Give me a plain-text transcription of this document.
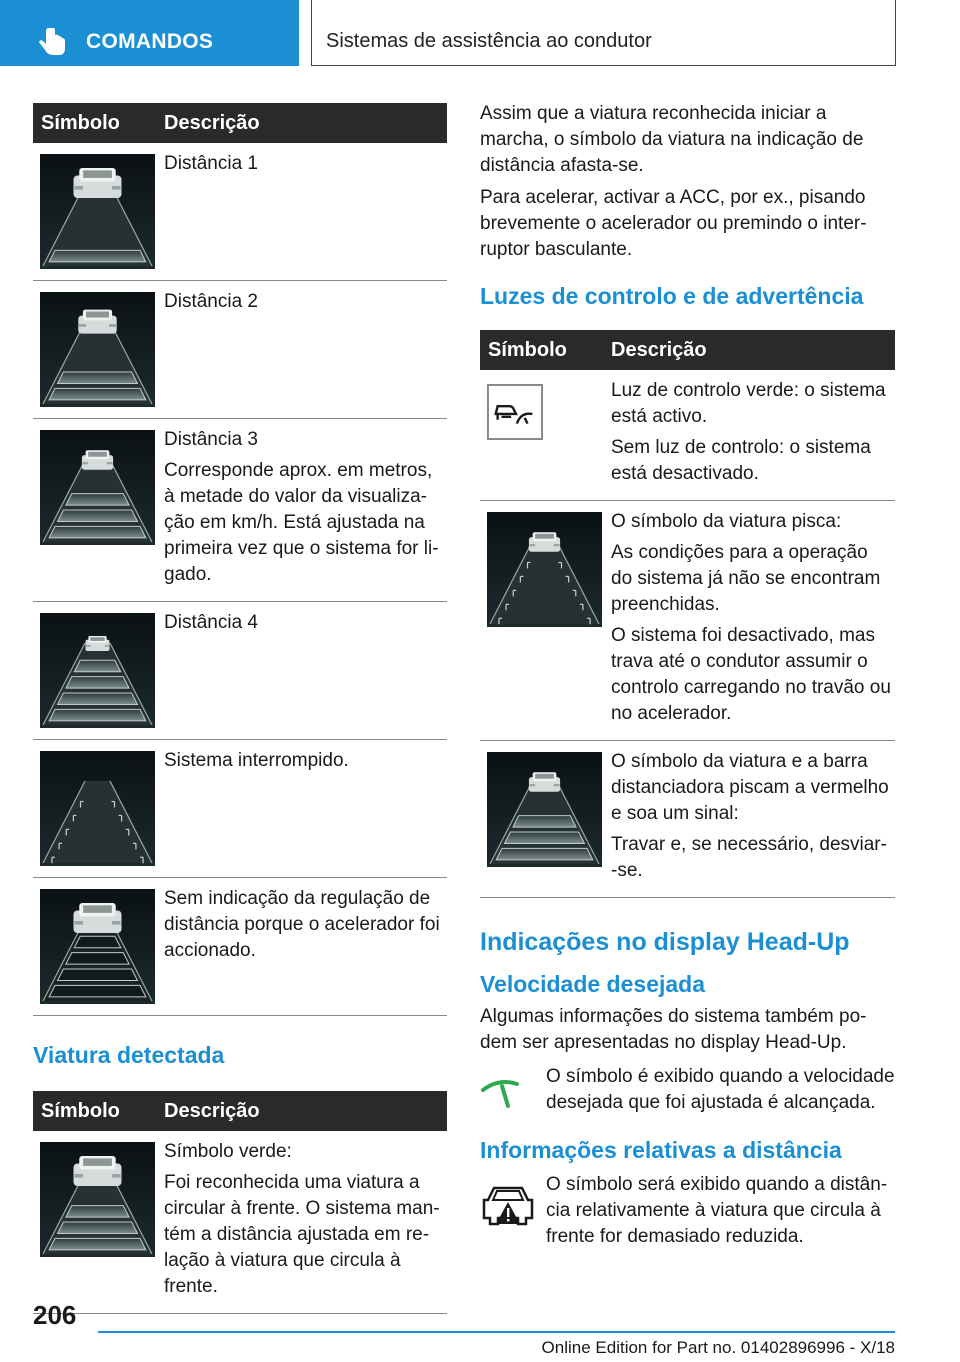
COMANDOS	Sistemas de assistência ao condutor
Símbolo	Descrição

Distância 1

Distância 2

Distância 3

Corresponde aprox. em metros, à metade do valor da visualiza-ção em km/h. Está ajustada na primeira vez que o sistema for li-gado.

Distância 4

Sistema interrompido.

Sem indicação da regulação de distância porque o acelerador foi accionado.

Viatura detectada
Símbolo	Descrição

Símbolo verde:

Foi reconhecida uma viatura a circular à frente. O sistema man-tém a distância ajustada em re-lação à viatura que circula à frente.

Assim que a viatura reconhecida iniciar a marcha, o símbolo da viatura na indicação de distância afasta-se.

Para acelerar, activar a ACC, por ex., pisando brevemente o acelerador ou premindo o inter-ruptor basculante.

Luzes de controlo e de advertência
Símbolo	Descrição

Luz de controlo verde: o sistema está activo.

Sem luz de controlo: o sistema está desactivado.

O símbolo da viatura pisca:

As condições para a operação do sistema já não se encontram preenchidas.

O sistema foi desactivado, mas trava até o condutor assumir o controlo carregando no travão ou no acelerador.

O símbolo da viatura e a barra distanciadora piscam a vermelho e soa um sinal:

Travar e, se necessário, desviar--se.

Indicações no display Head-Up
Velocidade desejada

Algumas informações do sistema também po-dem ser apresentadas no display Head-Up.

O símbolo é exibido quando a velocidade desejada que foi ajustada é alcançada.
Informações relativas a distância
O símbolo será exibido quando a distân-cia relativamente à viatura que circula à frente for demasiado reduzida.
206
Online Edition for Part no. 01402896996 - X/18
